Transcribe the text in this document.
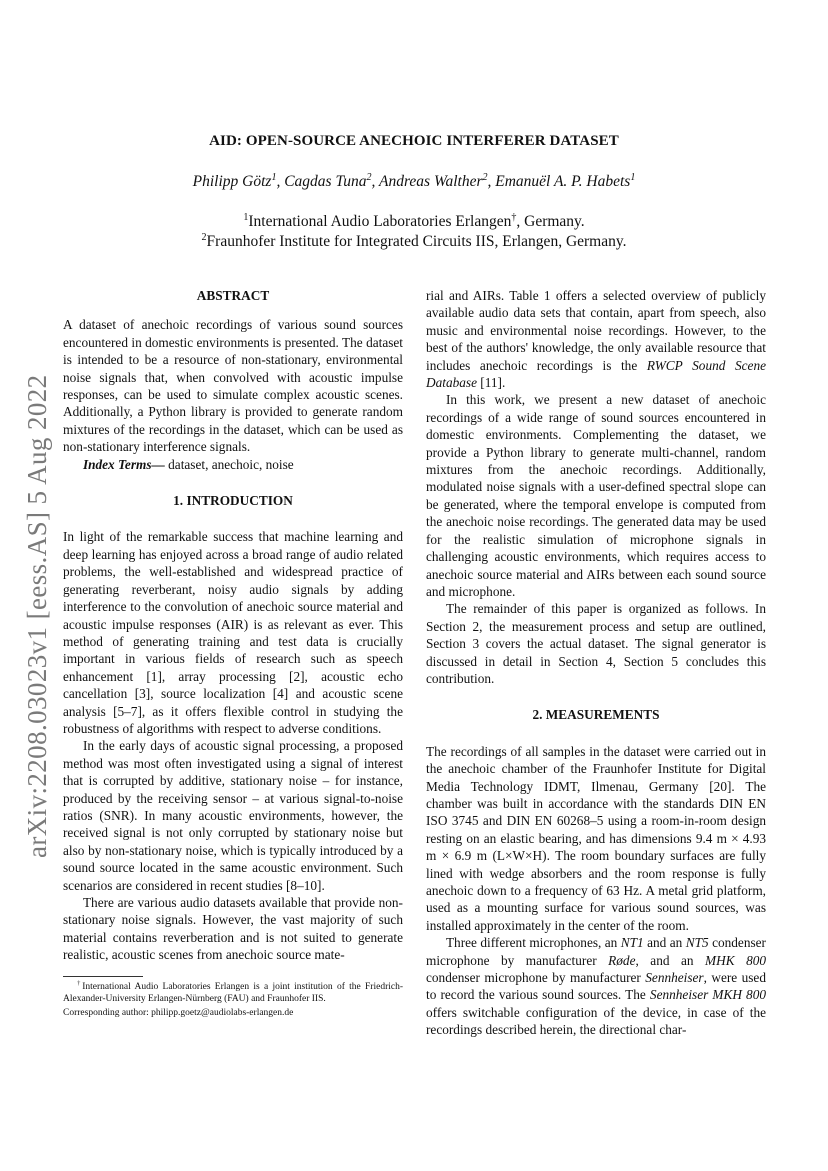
arXiv:2208.03023v1 [eess.AS] 5 Aug 2022
AID: OPEN-SOURCE ANECHOIC INTERFERER DATASET
Philipp Götz$^1$, Cagdas Tuna$^2$, Andreas Walther$^2$, Emanuël A. P. Habets$^1$
$^1$International Audio Laboratories Erlangen†, Germany.
$^2$Fraunhofer Institute for Integrated Circuits IIS, Erlangen, Germany.
ABSTRACT

A dataset of anechoic recordings of various sound sources encountered in domestic environments is presented. The dataset is intended to be a resource of non-stationary, environmental noise signals that, when convolved with acoustic impulse responses, can be used to simulate complex acoustic scenes. Additionally, a Python library is provided to generate random mixtures of the recordings in the dataset, which can be used as non-stationary interference signals.

Index Terms— dataset, anechoic, noise

1. INTRODUCTION

In light of the remarkable success that machine learning and deep learning has enjoyed across a broad range of audio related problems, the well-established and widespread practice of generating reverberant, noisy audio signals by adding interference to the convolution of anechoic source material and acoustic impulse responses (AIR) is as relevant as ever. This method of generating training and test data is crucially important in various fields of research such as speech enhancement [1], array processing [2], acoustic echo cancellation [3], source localization [4] and acoustic scene analysis [5–7], as it offers flexible control in studying the robustness of algorithms with respect to adverse conditions.

In the early days of acoustic signal processing, a proposed method was most often investigated using a signal of interest that is corrupted by additive, stationary noise – for instance, produced by the receiving sensor – at various signal-to-noise ratios (SNR). In many acoustic environments, however, the received signal is not only corrupted by stationary noise but also by non-stationary noise, which is typically introduced by a sound source located in the same acoustic environment. Such scenarios are considered in recent studies [8–10].

There are various audio datasets available that provide non-stationary noise signals. However, the vast majority of such material contains reverberation and is not suited to generate realistic, acoustic scenes from anechoic source mate-

†International Audio Laboratories Erlangen is a joint institution of the Friedrich-Alexander-University Erlangen-Nürnberg (FAU) and Fraunhofer IIS.

Corresponding author: philipp.goetz@audiolabs-erlangen.de

rial and AIRs. Table 1 offers a selected overview of publicly available audio data sets that contain, apart from speech, also music and environmental noise recordings. However, to the best of the authors' knowledge, the only available resource that includes anechoic recordings is the RWCP Sound Scene Database [11].

In this work, we present a new dataset of anechoic recordings of a wide range of sound sources encountered in domestic environments. Complementing the dataset, we provide a Python library to generate multi-channel, random mixtures from the anechoic recordings. Additionally, modulated noise signals with a user-defined spectral slope can be generated, where the temporal envelope is computed from the anechoic noise recordings. The generated data may be used for the realistic simulation of microphone signals in challenging acoustic environments, which requires access to anechoic source material and AIRs between each sound source and microphone.

The remainder of this paper is organized as follows. In Section 2, the measurement process and setup are outlined, Section 3 covers the actual dataset. The signal generator is discussed in detail in Section 4, Section 5 concludes this contribution.

2. MEASUREMENTS

The recordings of all samples in the dataset were carried out in the anechoic chamber of the Fraunhofer Institute for Digital Media Technology IDMT, Ilmenau, Germany [20]. The chamber was built in accordance with the standards DIN EN ISO 3745 and DIN EN 60268–5 using a room-in-room design resting on an elastic bearing, and has dimensions 9.4 m × 4.93 m × 6.9 m (L×W×H). The room boundary surfaces are fully lined with wedge absorbers and the room response is fully anechoic down to a frequency of 63 Hz. A metal grid platform, used as a mounting surface for various sound sources, was installed approximately in the center of the room.

Three different microphones, an NT1 and an NT5 condenser microphone by manufacturer Røde, and an MHK 800 condenser microphone by manufacturer Sennheiser, were used to record the various sound sources. The Sennheiser MKH 800 offers switchable configuration of the device, in case of the recordings described herein, the directional char-
